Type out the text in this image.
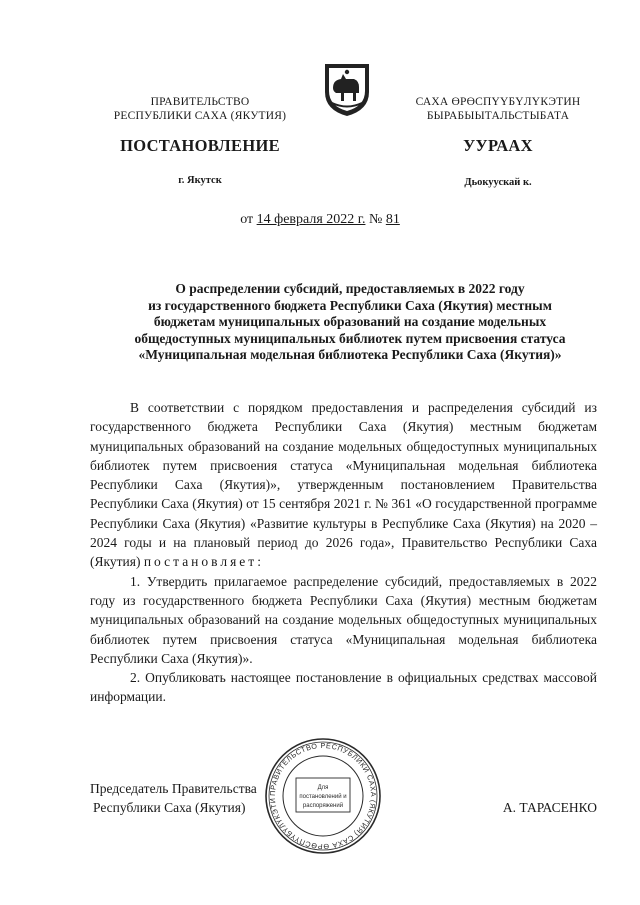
ПРАВИТЕЛЬСТВО
РЕСПУБЛИКИ САХА (ЯКУТИЯ)
САХА ӨРӨСПҮҮБҮЛҮКЭТИН
БЫРАБЫЫТАЛЬСТЫБАТА
ПОСТАНОВЛЕНИЕ	УУРААХ
г. Якутск	Дьокуускай к.
от 14 февраля 2022 г. № 81
О распределении субсидий, предоставляемых в 2022 году
из государственного бюджета Республики Саха (Якутия) местным
бюджетам муниципальных образований на создание модельных
общедоступных муниципальных библиотек путем присвоения статуса
«Муниципальная модельная библиотека Республики Саха (Якутия)»

В соответствии с порядком предоставления и распределения субсидий из государственного бюджета Республики Саха (Якутия) местным бюджетам муниципальных образований на создание модельных общедоступных муниципальных библиотек путем присвоения статуса «Муниципальная модельная библиотека Республики Саха (Якутия)», утвержденным постановлением Правительства Республики Саха (Якутия) от 15 сентября 2021 г. № 361 «О государственной программе Республики Саха (Якутия) «Развитие культуры в Республике Саха (Якутия) на 2020 – 2024 годы и на плановый период до 2026 года», Правительство Республики Саха (Якутия) постановляет:

1. Утвердить прилагаемое распределение субсидий, предоставляемых в 2022 году из государственного бюджета Республики Саха (Якутия) местным бюджетам муниципальных образований на создание модельных общедоступных муниципальных библиотек путем присвоения статуса «Муниципальная модельная библиотека Республики Саха (Якутия)».

2. Опубликовать настоящее постановление в официальных средствах массовой информации.

ПРАВИТЕЛЬСТВО РЕСПУБЛИКИ САХА (ЯКУТИЯ) САХА ӨРӨСПҮҮБҮЛҮКЭТИ
Для
постановлений и
распоряжений
Председатель Правительства
Республики Саха (Якутия)	А. ТАРАСЕНКО
